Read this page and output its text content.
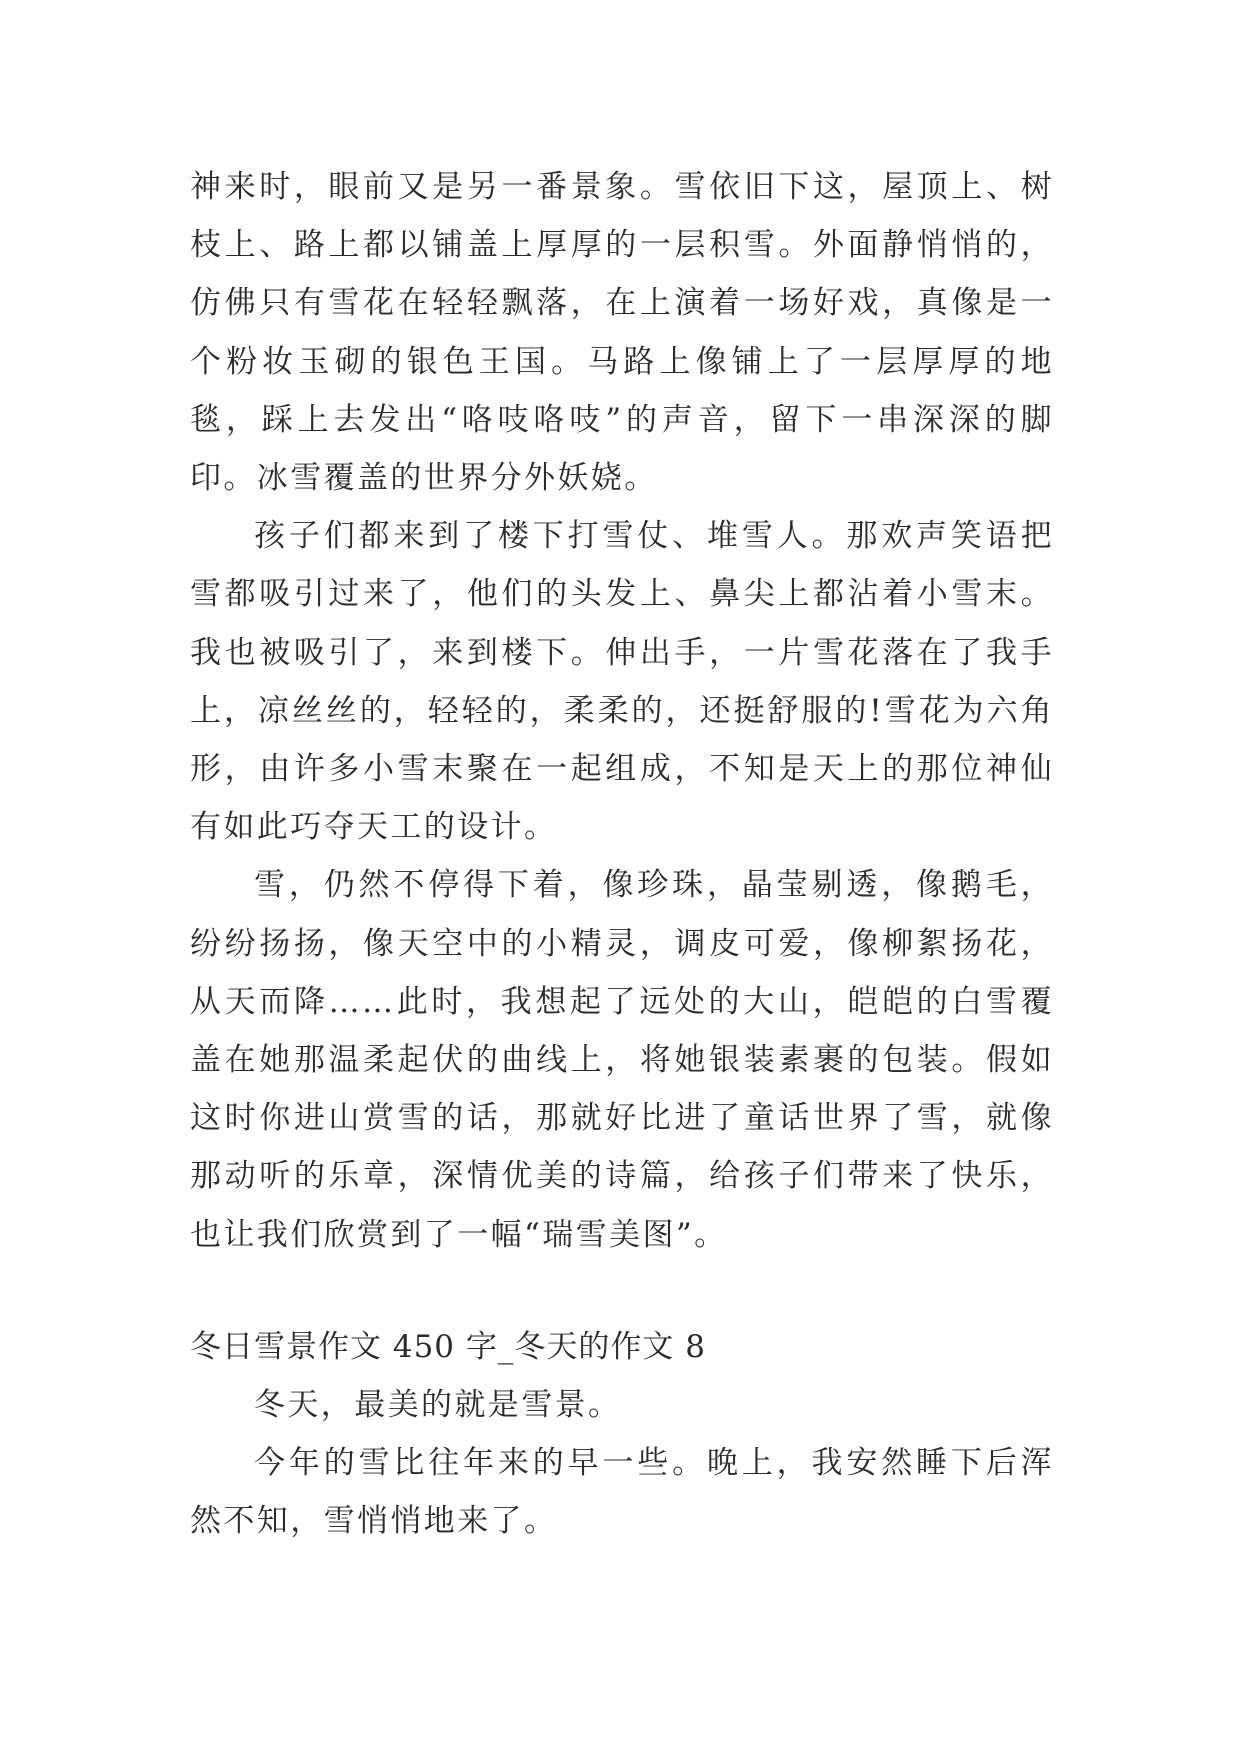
神来时，眼前又是另一番景象。雪依旧下这，屋顶上、树枝上、路上都以铺盖上厚厚的一层积雪。外面静悄悄的，仿佛只有雪花在轻轻飘落，在上演着一场好戏，真像是一个粉妆玉砌的银色王国。马路上像铺上了一层厚厚的地毯，踩上去发出“咯吱咯吱”的声音，留下一串深深的脚印。冰雪覆盖的世界分外妖娆。

孩子们都来到了楼下打雪仗、堆雪人。那欢声笑语把雪都吸引过来了，他们的头发上、鼻尖上都沾着小雪末。我也被吸引了，来到楼下。伸出手，一片雪花落在了我手上，凉丝丝的，轻轻的，柔柔的，还挺舒服的!雪花为六角形，由许多小雪末聚在一起组成，不知是天上的那位神仙有如此巧夺天工的设计。

雪，仍然不停得下着，像珍珠，晶莹剔透，像鹅毛，纷纷扬扬，像天空中的小精灵，调皮可爱，像柳絮扬花，从天而降……此时，我想起了远处的大山，皑皑的白雪覆盖在她那温柔起伏的曲线上，将她银装素裹的包装。假如这时你进山赏雪的话，那就好比进了童话世界了雪，就像那动听的乐章，深情优美的诗篇，给孩子们带来了快乐，也让我们欣赏到了一幅“瑞雪美图”。

冬日雪景作文 450 字_冬天的作文 8

冬天，最美的就是雪景。

今年的雪比往年来的早一些。晚上，我安然睡下后浑然不知，雪悄悄地来了。
